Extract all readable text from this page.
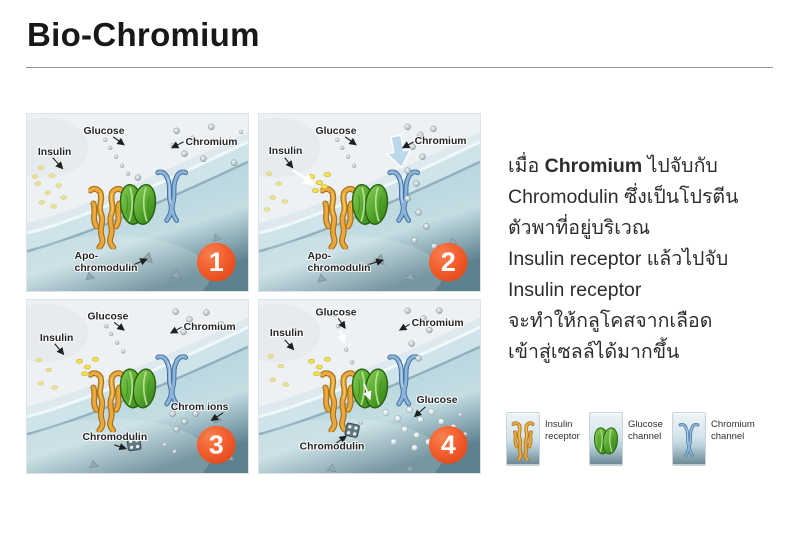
Bio-Chromium
Glucose
Insulin
Chromium
Apo-
chromodulin	1
Glucose
Insulin
Chromium
Apo-
chromodulin	2
Glucose
Insulin
Chromium
Chrom ions
Chromodulin 3
Glucose
Insulin
Chromium
Glucose
Chromodulin	4
เมื่อ Chromium ไปจับกับ
Chromodulin ซึ่งเป็นโปรตีน
ตัวพาที่อยู่บริเวณ
Insulin receptor แล้วไปจับ
Insulin receptor
จะทำให้กลูโคสจากเลือด
เข้าสู่เซลล์ได้มากขึ้น
Insulin
receptor
Glucose
channel
Chromium
channel
